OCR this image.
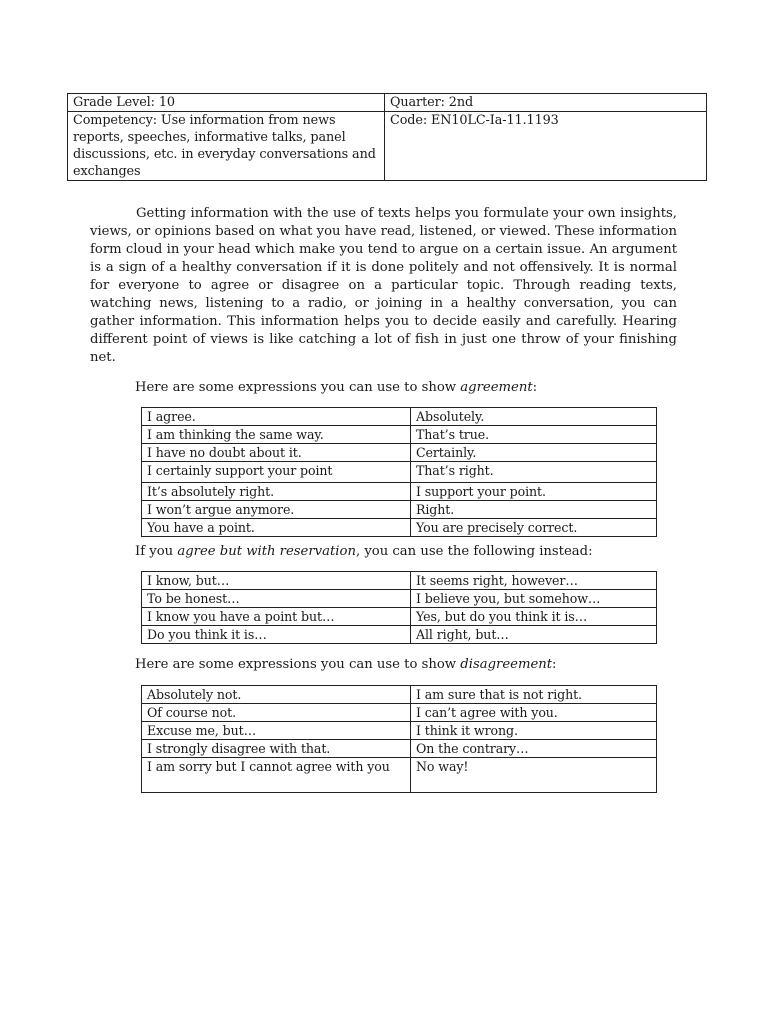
Grade Level: 10	Quarter: 2nd
Competency: Use information from news reports, speeches, informative talks, panel discussions, etc. in everyday conversations and exchanges	Code: EN10LC-Ia-11.1193

Getting information with the use of texts helps you formulate your own insights, views, or opinions based on what you have read, listened, or viewed. These information form cloud in your head which make you tend to argue on a certain issue. An argument is a sign of a healthy conversation if it is done politely and not offensively. It is normal for everyone to agree or disagree on a particular topic. Through reading texts, watching news, listening to a radio, or joining in a healthy conversation, you can gather information. This information helps you to decide easily and carefully. Hearing different point of views is like catching a lot of fish in just one throw of your finishing net.

Here are some expressions you can use to show agreement:

I agree.	Absolutely.
I am thinking the same way.	That’s true.
I have no doubt about it.	Certainly.
I certainly support your point	That’s right.
It’s absolutely right.	I support your point.
I won’t argue anymore.	Right.
You have a point.	You are precisely correct.

If you agree but with reservation, you can use the following instead:

I know, but…	It seems right, however…
To be honest…	I believe you, but somehow…
I know you have a point but…	Yes, but do you think it is…
Do you think it is…	All right, but…

Here are some expressions you can use to show disagreement:

Absolutely not.	I am sure that is not right.
Of course not.	I can’t agree with you.
Excuse me, but…	I think it wrong.
I strongly disagree with that.	On the contrary…
I am sorry but I cannot agree with you	No way!
